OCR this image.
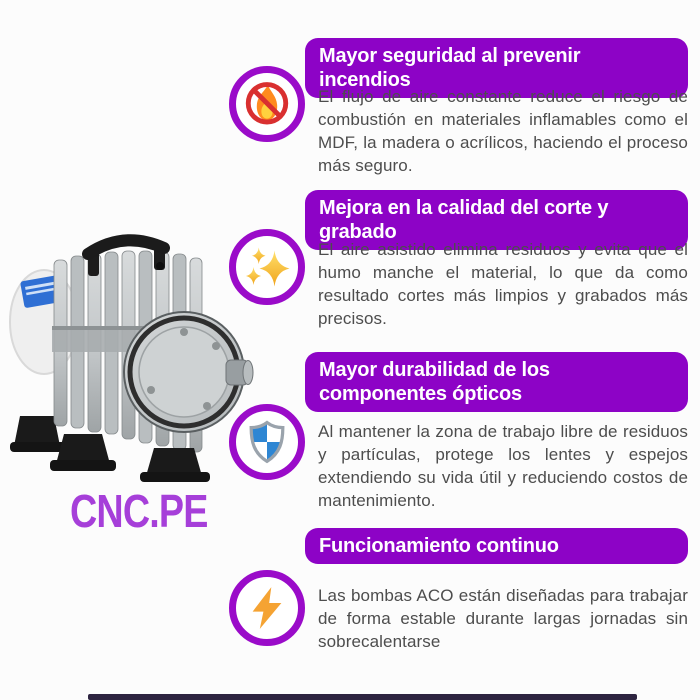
CNC.PE
Mayor seguridad al prevenir incendios
El flujo de aire constante reduce el riesgo de combustión en materiales inflamables como el MDF, la madera o acrílicos, haciendo el proceso más seguro.
Mejora en la calidad del corte y grabado
El aire asistido elimina residuos y evita que el humo manche el material, lo que da como resultado cortes más limpios y grabados más precisos.
Mayor durabilidad de los componentes ópticos
Al mantener la zona de trabajo libre de residuos y partículas, protege los lentes y espejos extendiendo su vida útil y reduciendo costos de mantenimiento.
Funcionamiento continuo
Las bombas ACO están diseñadas para trabajar de forma estable durante largas jornadas sin sobrecalentarse
